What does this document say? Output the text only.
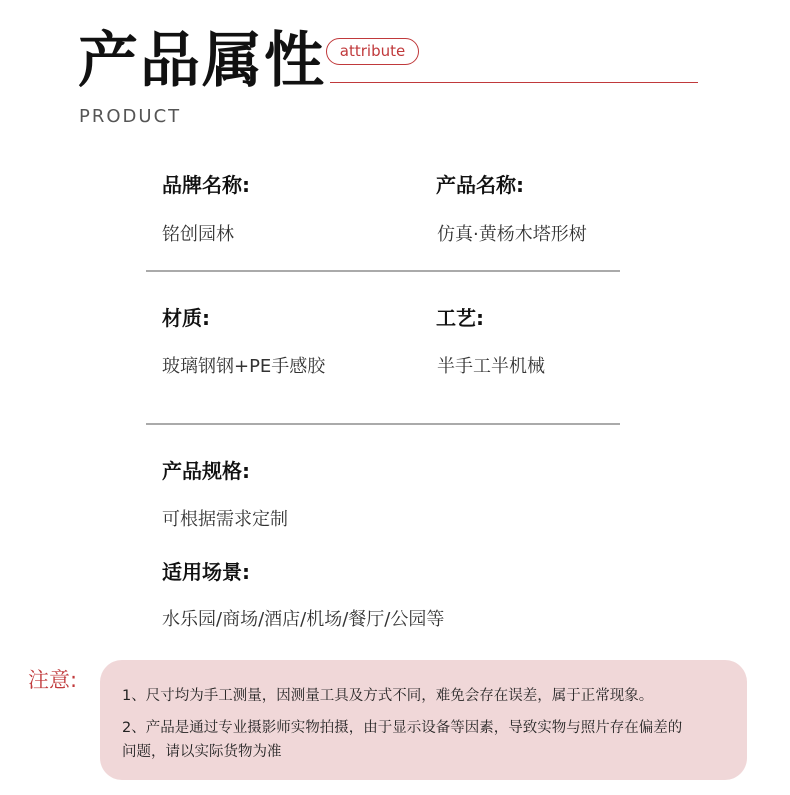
产品属性 attribute
PRODUCT
品牌名称:
铭创园林
产品名称:
仿真·黄杨木塔形树
材质:
玻璃钢钢+PE手感胶
工艺:
半手工半机械
产品规格:
可根据需求定制
适用场景:
水乐园/商场/酒店/机场/餐厅/公园等
1、尺寸均为手工测量，因测量工具及方式不同，难免会存在误差，属于正常现象。
2、产品是通过专业摄影师实物拍摄，由于显示设备等因素，导致实物与照片存在偏差的
问题，请以实际货物为准
注意:
